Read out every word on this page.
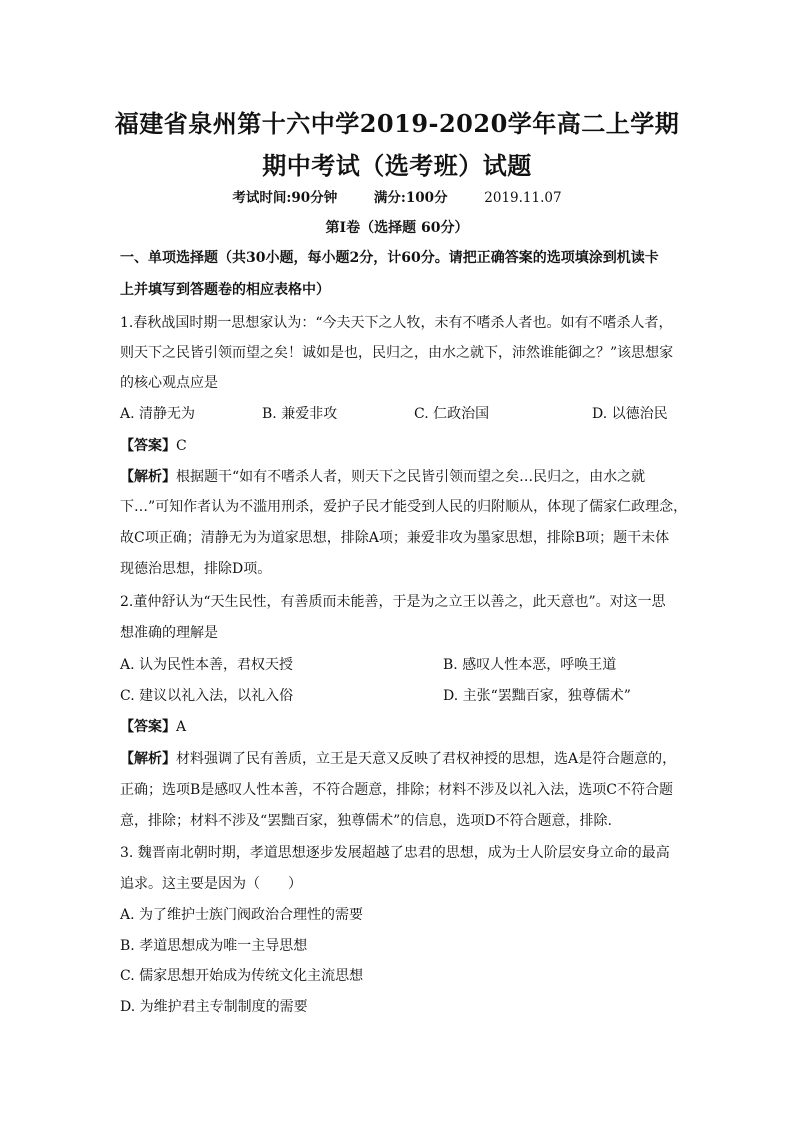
福建省泉州第十六中学2019-2020学年高二上学期
期中考试（选考班）试题
考试时间:90分钟	满分:100分	2019.11.07
第Ⅰ卷（选择题 60分）
一、单项选择题（共30小题，每小题2分，计60分。请把正确答案的选项填涂到机读卡
上并填写到答题卷的相应表格中）
1.春秋战国时期一思想家认为：“今夫天下之人牧，未有不嗜杀人者也。如有不嗜杀人者，
则天下之民皆引领而望之矣！诚如是也，民归之，由水之就下，沛然谁能御之？”该思想家
的核心观点应是
A. 清静无为	B. 兼爱非攻	C. 仁政治国	D. 以德治民
【答案】C
【解析】根据题干“如有不嗜杀人者，则天下之民皆引领而望之矣…民归之，由水之就
下…”可知作者认为不滥用刑杀，爱护子民才能受到人民的归附顺从，体现了儒家仁政理念，
故C项正确；清静无为为道家思想，排除A项；兼爱非攻为墨家思想，排除B项；题干未体
现德治思想，排除D项。
2.董仲舒认为“天生民性，有善质而未能善，于是为之立王以善之，此天意也”。对这一思
想准确的理解是
A. 认为民性本善，君权天授	B. 感叹人性本恶，呼唤王道
C. 建议以礼入法，以礼入俗	D. 主张“罢黜百家，独尊儒术”
【答案】A
【解析】材料强调了民有善质，立王是天意又反映了君权神授的思想，选A是符合题意的，
正确；选项B是感叹人性本善，不符合题意，排除；材料不涉及以礼入法，选项C不符合题
意，排除；材料不涉及“罢黜百家，独尊儒术”的信息，选项D不符合题意，排除.
3. 魏晋南北朝时期，孝道思想逐步发展超越了忠君的思想，成为士人阶层安身立命的最高
追求。这主要是因为（　　）
A. 为了维护士族门阀政治合理性的需要
B. 孝道思想成为唯一主导思想
C. 儒家思想开始成为传统文化主流思想
D. 为维护君主专制制度的需要
